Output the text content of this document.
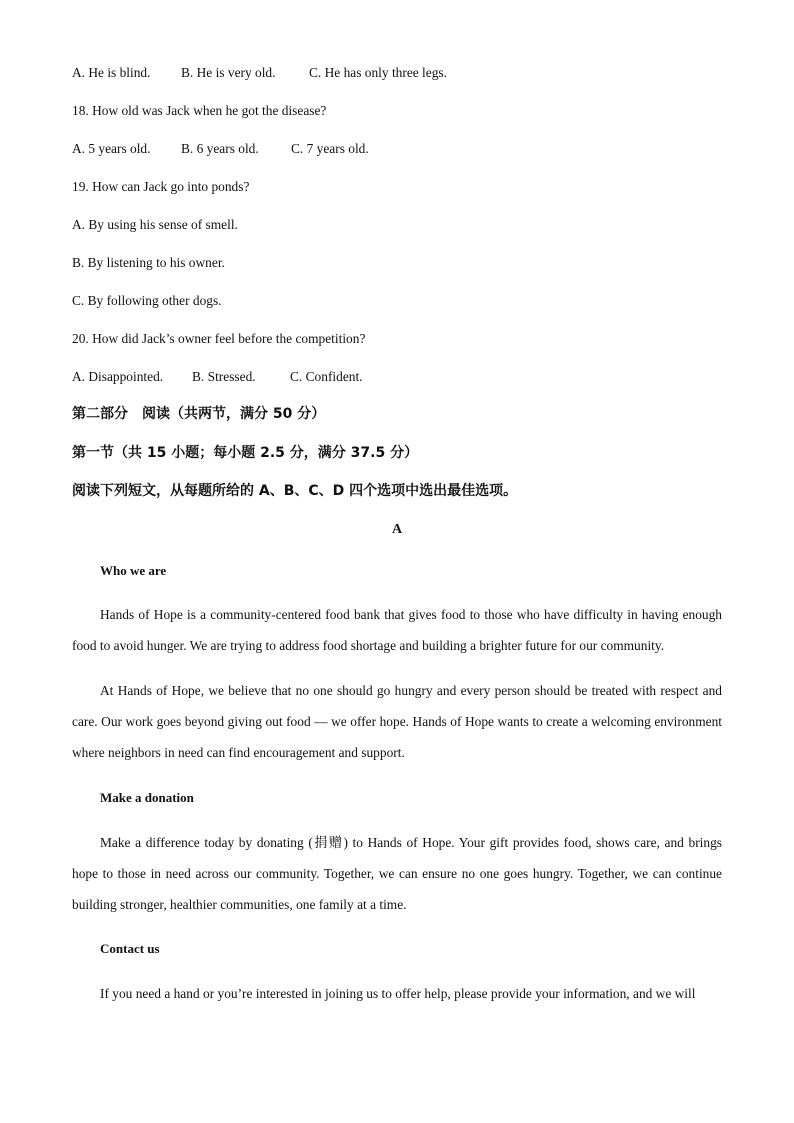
A. He is blind. B. He is very old.	C. He has only three legs.
18. How old was Jack when he got the disease?
A. 5 years old. B. 6 years old. C. 7 years old.
19. How can Jack go into ponds?
A. By using his sense of smell.
B. By listening to his owner.
C. By following other dogs.
20. How did Jack’s owner feel before the competition?
A. Disappointed. B. Stressed.	C. Confident.
第二部分　阅读（共两节，满分 50 分）
第一节（共 15 小题；每小题 2.5 分，满分 37.5 分）
阅读下列短文，从每题所给的 A、B、C、D 四个选项中选出最佳选项。
A
Who we are

Hands of Hope is a community-centered food bank that gives food to those who have difficulty in having enough food to avoid hunger. We are trying to address food shortage and building a brighter future for our community.

At Hands of Hope, we believe that no one should go hungry and every person should be treated with respect and care. Our work goes beyond giving out food — we offer hope. Hands of Hope wants to create a welcoming environment where neighbors in need can find encouragement and support.

Make a donation

Make a difference today by donating (捐赠) to Hands of Hope. Your gift provides food, shows care, and brings hope to those in need across our community. Together, we can ensure no one goes hungry. Together, we can continue building stronger, healthier communities, one family at a time.

Contact us

If you need a hand or you’re interested in joining us to offer help, please provide your information, and we will
